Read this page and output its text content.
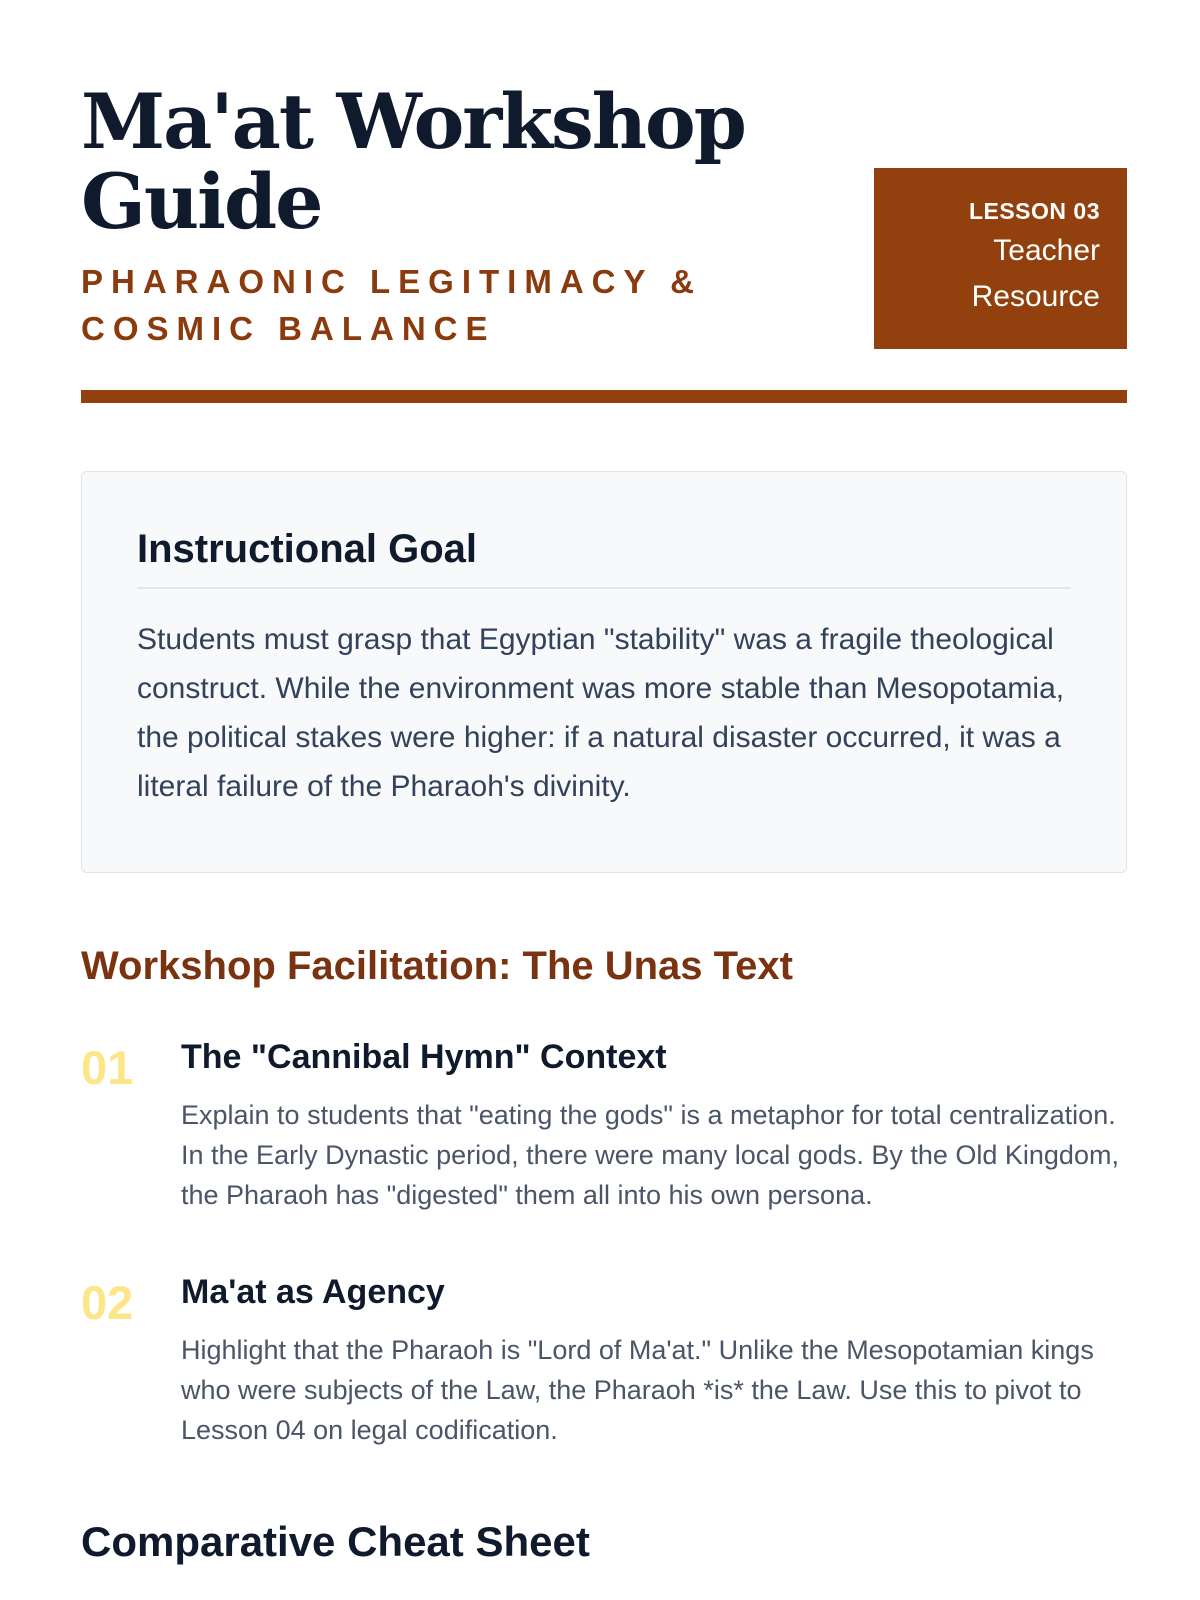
Ma'at Workshop Guide
PHARAONIC LEGITIMACY & COSMIC BALANCE
LESSON 03
Teacher Resource
Instructional Goal

Students must grasp that Egyptian "stability" was a fragile theological construct. While the environment was more stable than Mesopotamia, the political stakes were higher: if a natural disaster occurred, it was a literal failure of the Pharaoh's divinity.

Workshop Facilitation: The Unas Text
01 The "Cannibal Hymn" Context

Explain to students that "eating the gods" is a metaphor for total centralization. In the Early Dynastic period, there were many local gods. By the Old Kingdom, the Pharaoh has "digested" them all into his own persona.

02 Ma'at as Agency

Highlight that the Pharaoh is "Lord of Ma'at." Unlike the Mesopotamian kings who were subjects of the Law, the Pharaoh *is* the Law. Use this to pivot to Lesson 04 on legal codification.

Comparative Cheat Sheet
